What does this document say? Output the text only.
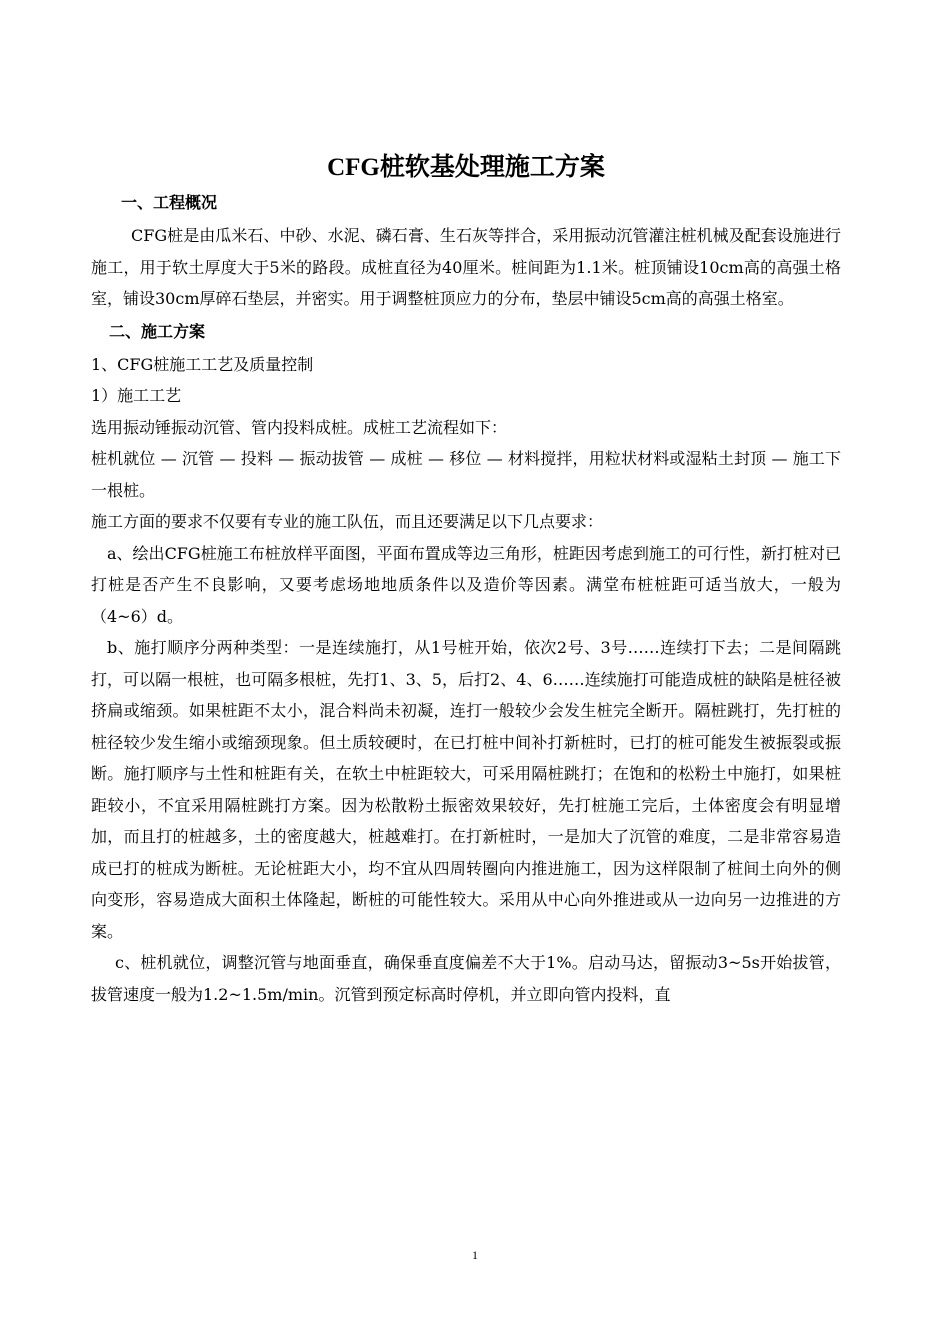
CFG桩软基处理施工方案
一、工程概况

CFG桩是由瓜米石、中砂、水泥、磷石膏、生石灰等拌合，采用振动沉管灌注桩机械及配套设施进行施工，用于软土厚度大于5米的路段。成桩直径为40厘米。桩间距为1.1米。桩顶铺设10cm高的高强土格室，铺设30cm厚碎石垫层，并密实。用于调整桩顶应力的分布，垫层中铺设5cm高的高强土格室。

二、施工方案

1、CFG桩施工工艺及质量控制

1）施工工艺

选用振动锤振动沉管、管内投料成桩。成桩工艺流程如下：

桩机就位 — 沉管 — 投料 — 振动拔管 — 成桩 — 移位 — 材料搅拌，用粒状材料或湿粘土封顶 — 施工下一根桩。

施工方面的要求不仅要有专业的施工队伍，而且还要满足以下几点要求：

a、绘出CFG桩施工布桩放样平面图，平面布置成等边三角形，桩距因考虑到施工的可行性，新打桩对已打桩是否产生不良影响，又要考虑场地地质条件以及造价等因素。满堂布桩桩距可适当放大，一般为（4~6）d。

b、施打顺序分两种类型：一是连续施打，从1号桩开始，依次2号、3号……连续打下去；二是间隔跳打，可以隔一根桩，也可隔多根桩，先打1、3、5，后打2、4、6……连续施打可能造成桩的缺陷是桩径被挤扁或缩颈。如果桩距不太小，混合料尚未初凝，连打一般较少会发生桩完全断开。隔桩跳打，先打桩的桩径较少发生缩小或缩颈现象。但土质较硬时，在已打桩中间补打新桩时，已打的桩可能发生被振裂或振断。施打顺序与土性和桩距有关，在软土中桩距较大，可采用隔桩跳打；在饱和的松粉土中施打，如果桩距较小，不宜采用隔桩跳打方案。因为松散粉土振密效果较好，先打桩施工完后，土体密度会有明显增加，而且打的桩越多，土的密度越大，桩越难打。在打新桩时，一是加大了沉管的难度，二是非常容易造成已打的桩成为断桩。无论桩距大小，均不宜从四周转圈向内推进施工，因为这样限制了桩间土向外的侧向变形，容易造成大面积土体隆起，断桩的可能性较大。采用从中心向外推进或从一边向另一边推进的方案。

c、桩机就位，调整沉管与地面垂直，确保垂直度偏差不大于1%。启动马达，留振动3~5s开始拔管，拔管速度一般为1.2~1.5m/min。沉管到预定标高时停机，并立即向管内投料，直

1
